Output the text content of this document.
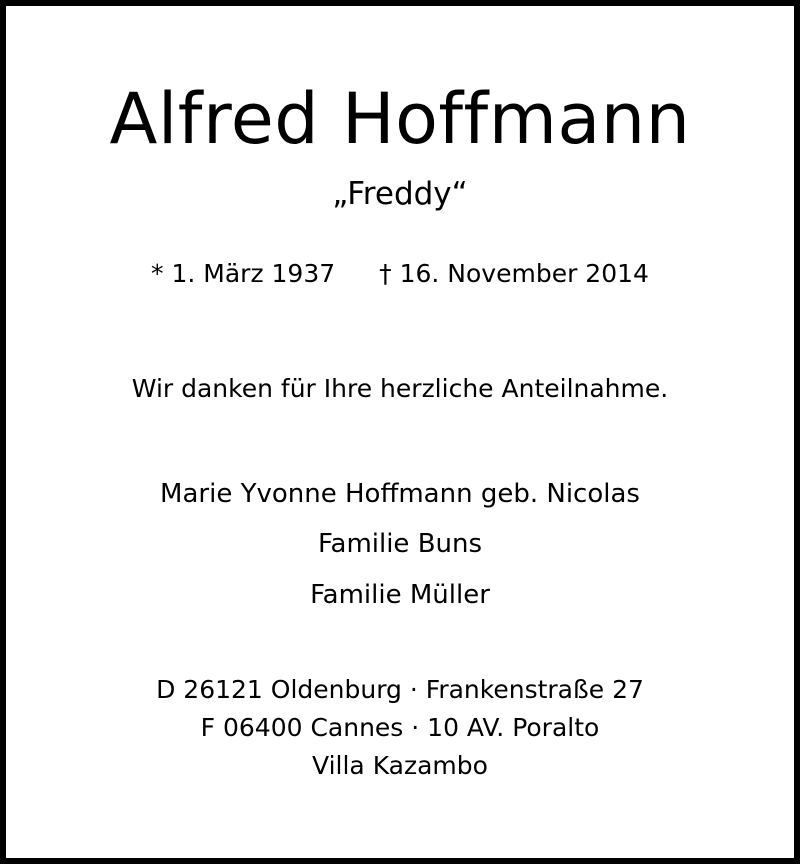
Alfred Hoffmann
„Freddy“
* 1. März 1937 † 16. November 2014
Wir danken für Ihre herzliche Anteilnahme.
Marie Yvonne Hoffmann geb. Nicolas
Familie Buns
Familie Müller
D 26121 Oldenburg · Frankenstraße 27
F 06400 Cannes · 10 AV. Poralto
Villa Kazambo
